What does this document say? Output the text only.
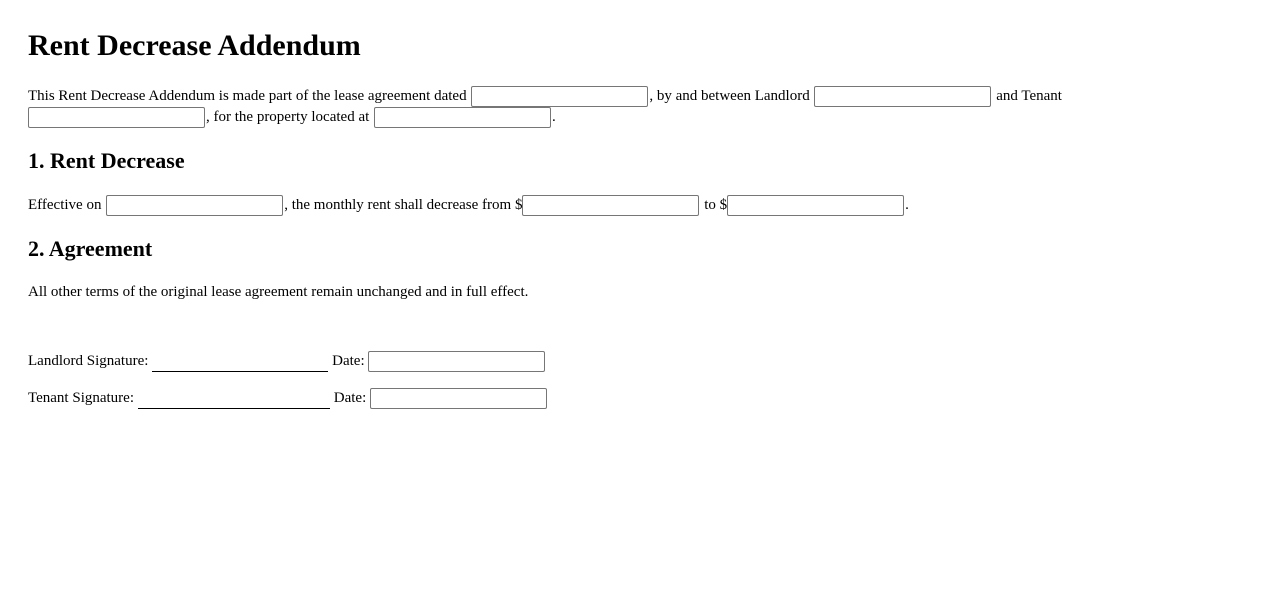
Rent Decrease Addendum
This Rent Decrease Addendum is made part of the lease agreement dated	, by and between Landlord	and Tenant
, for the property located at	.
1. Rent Decrease
Effective on	, the monthly rent shall decrease from $	to $	.
2. Agreement
All other terms of the original lease agreement remain unchanged and in full effect.
Landlord Signature:	Date:
Tenant Signature:	Date:
